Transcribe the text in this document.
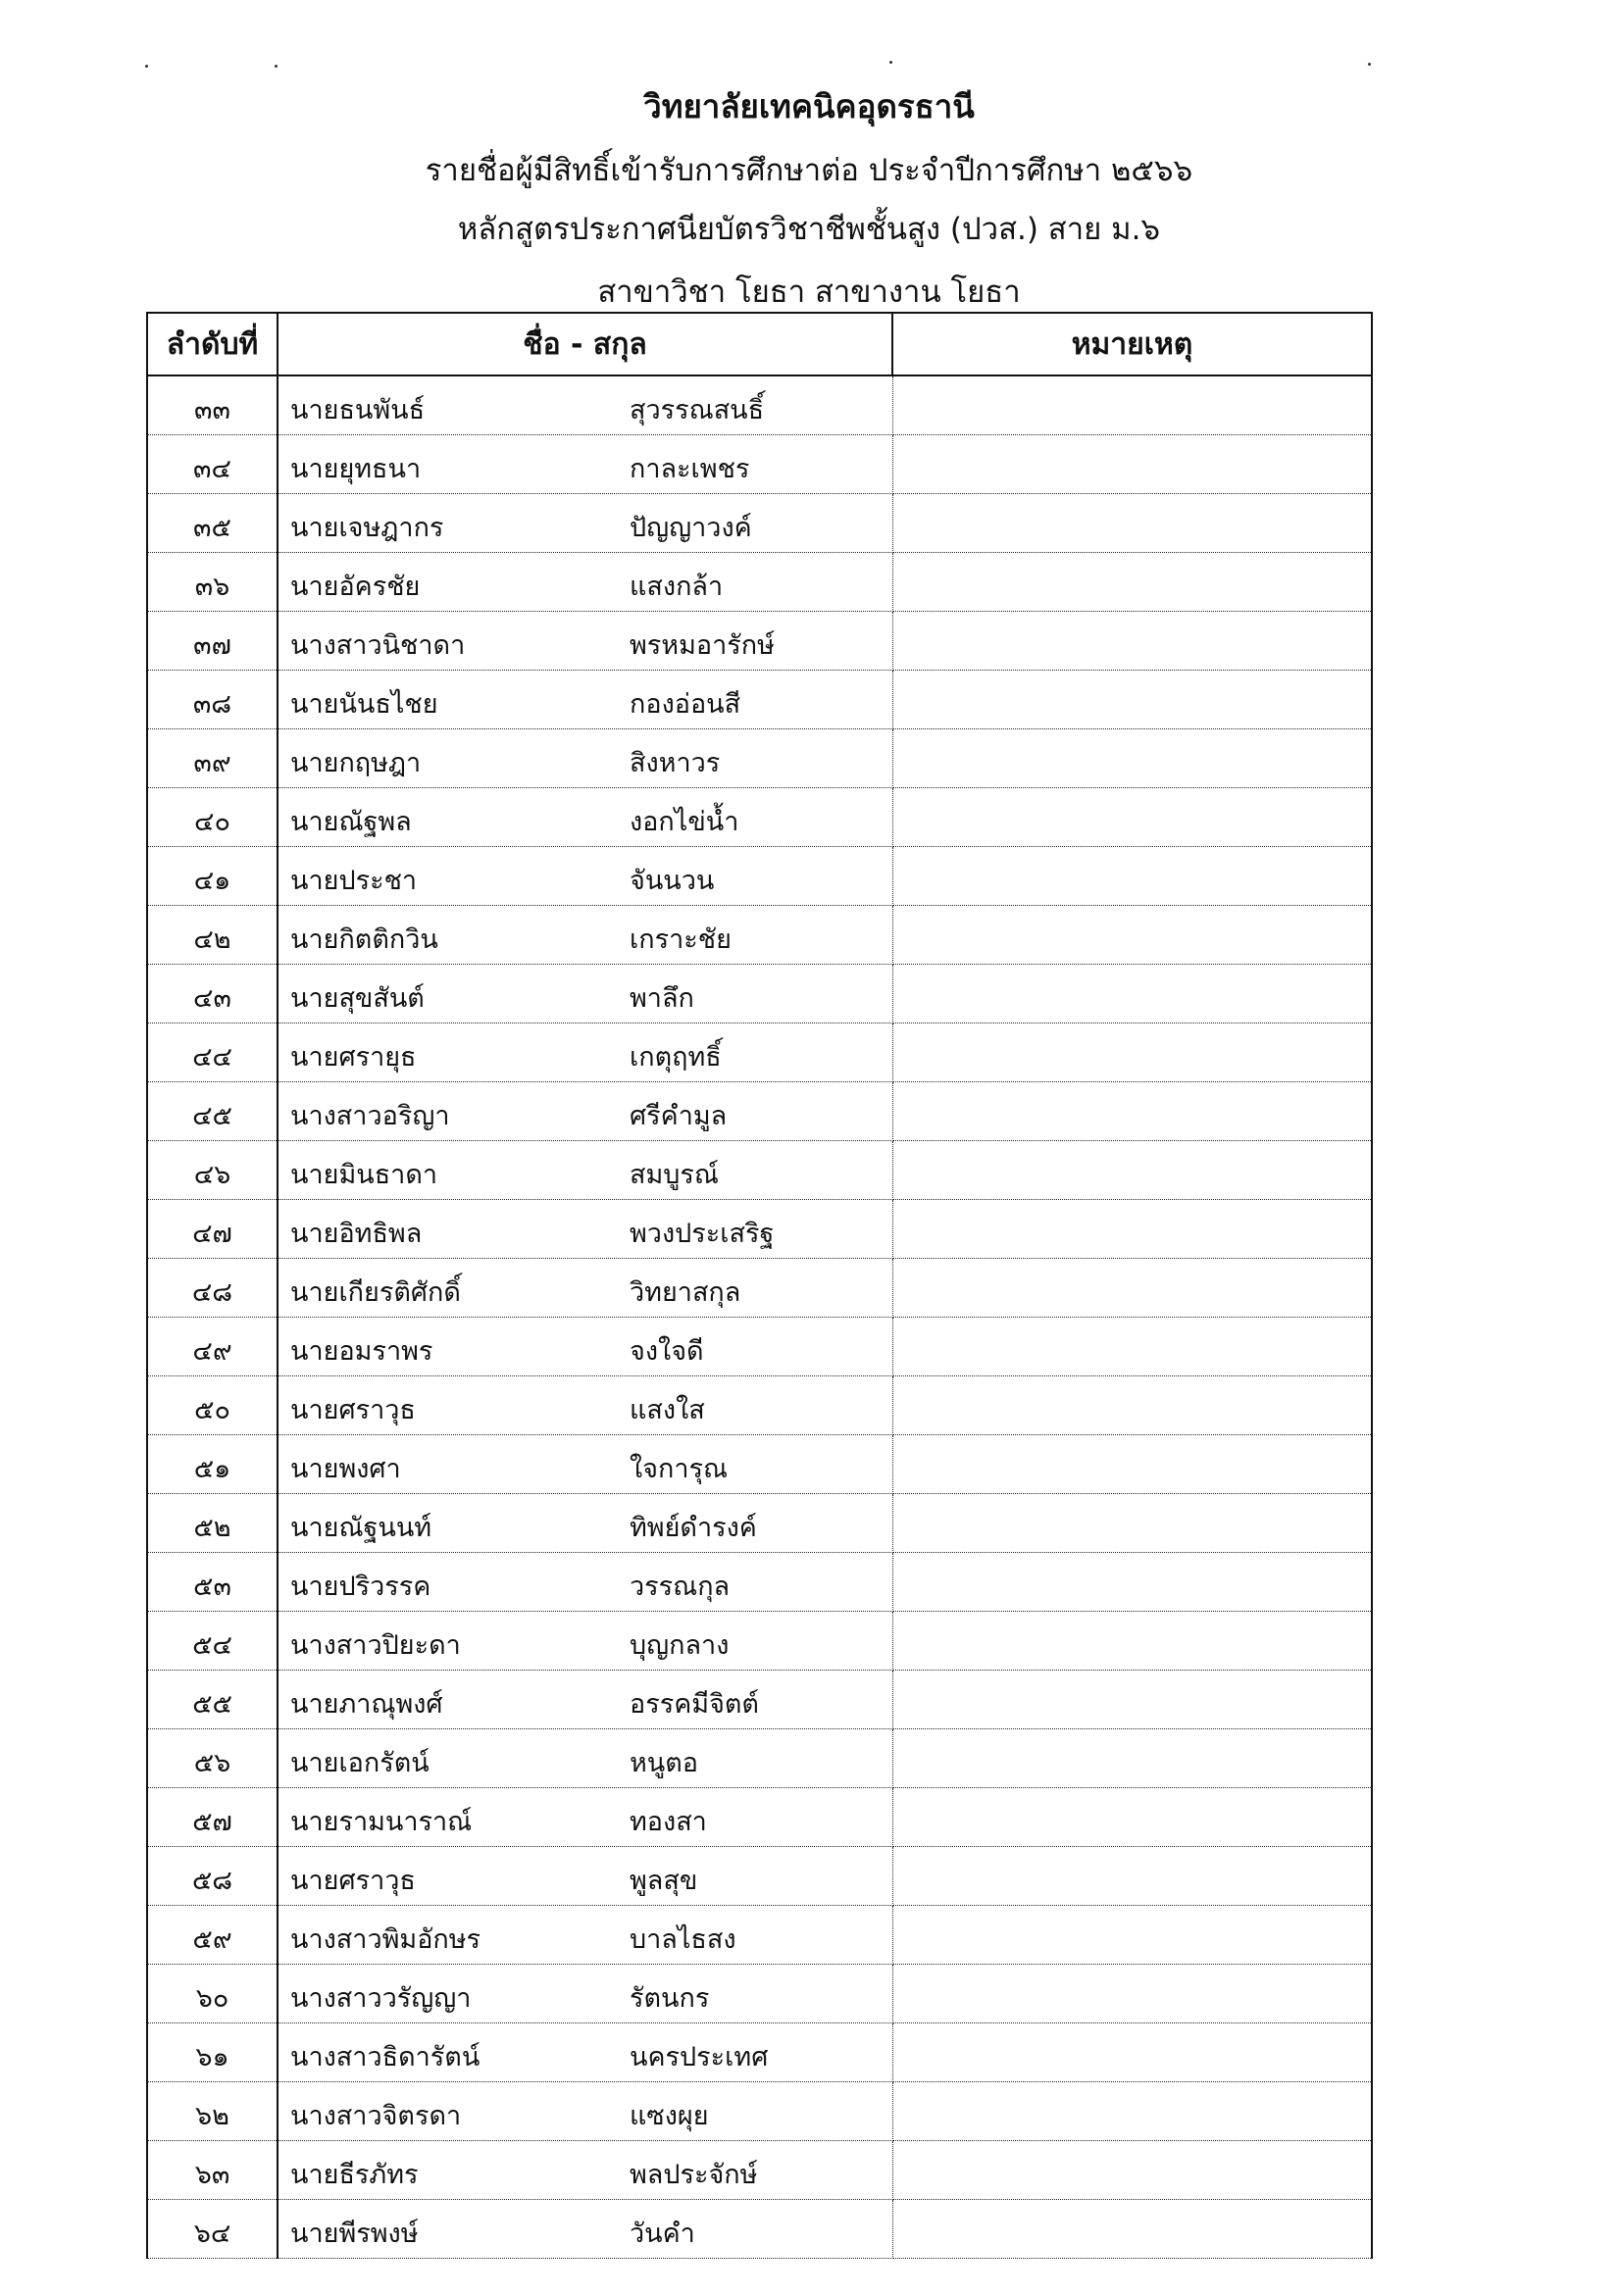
วิทยาลัยเทคนิคอุดรธานี
รายชื่อผู้มีสิทธิ์เข้ารับการศึกษาต่อ ประจำปีการศึกษา ๒๕๖๖
หลักสูตรประกาศนียบัตรวิชาชีพชั้นสูง (ปวส.) สาย ม.๖
สาขาวิชา โยธา สาขางาน โยธา
ลำดับที่	ชื่อ - สกุล	หมายเหตุ
๓๓	นายธนพันธ์ สุวรรณสนธิ์	
๓๔	นายยุทธนา กาละเพชร	
๓๕	นายเจษฎากร ปัญญาวงค์	
๓๖	นายอัครชัย แสงกล้า	
๓๗	นางสาวนิชาดา พรหมอารักษ์	
๓๘	นายนันธไชย กองอ่อนสี	
๓๙	นายกฤษฎา สิงหาวร	
๔๐	นายณัฐพล งอกไข่น้ำ	
๔๑	นายประชา จันนวน	
๔๒	นายกิตติกวิน เกราะชัย	
๔๓	นายสุขสันต์ พาลึก	
๔๔	นายศรายุธ เกตุฤทธิ์	
๔๕	นางสาวอริญา ศรีคำมูล	
๔๖	นายมินธาดา สมบูรณ์	
๔๗	นายอิทธิพล พวงประเสริฐ	
๔๘	นายเกียรติศักดิ์ วิทยาสกุล	
๔๙	นายอมราพร จงใจดี	
๕๐	นายศราวุธ แสงใส	
๕๑	นายพงศา ใจการุณ	
๕๒	นายณัฐนนท์ ทิพย์ดำรงค์	
๕๓	นายปริวรรค วรรณกุล	
๕๔	นางสาวปิยะดา บุญกลาง	
๕๕	นายภาณุพงศ์ อรรคมีจิตต์	
๕๖	นายเอกรัตน์ หนูตอ	
๕๗	นายรามนาราณ์ ทองสา	
๕๘	นายศราวุธ พูลสุข	
๕๙	นางสาวพิมอักษร บาลไธสง	
๖๐	นางสาววรัญญา รัตนกร	
๖๑	นางสาวธิดารัตน์ นครประเทศ	
๖๒	นางสาวจิตรดา แซงผุย	
๖๓	นายธีรภัทร พลประจักษ์	
๖๔	นายพีรพงษ์ วันคำ	
